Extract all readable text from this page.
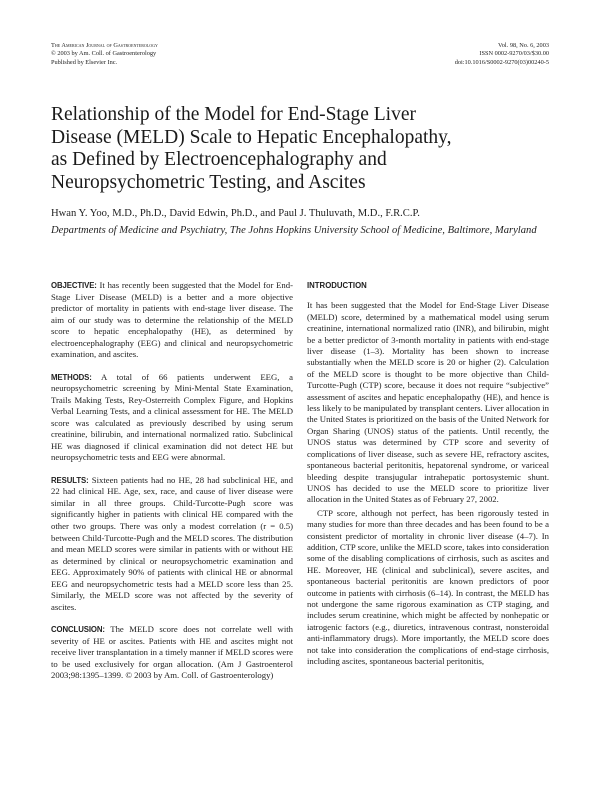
The American Journal of Gastroenterology
© 2003 by Am. Coll. of Gastroenterology
Published by Elsevier Inc.
Vol. 98, No. 6, 2003
ISSN 0002-9270/03/$30.00
doi:10.1016/S0002-9270(03)00240-5
Relationship of the Model for End-Stage Liver
Disease (MELD) Scale to Hepatic Encephalopathy,
as Defined by Electroencephalography and
Neuropsychometric Testing, and Ascites
Hwan Y. Yoo, M.D., Ph.D., David Edwin, Ph.D., and Paul J. Thuluvath, M.D., F.R.C.P.
Departments of Medicine and Psychiatry, The Johns Hopkins University School of Medicine, Baltimore, Maryland

OBJECTIVE: It has recently been suggested that the Model for End-Stage Liver Disease (MELD) is a better and a more objective predictor of mortality in patients with end-stage liver disease. The aim of our study was to determine the relationship of the MELD score to hepatic encephalopathy (HE), as determined by electroencephalography (EEG) and clinical and neuropsychometric examination, and ascites.

METHODS: A total of 66 patients underwent EEG, a neuropsychometric screening by Mini-Mental State Examination, Trails Making Tests, Rey-Osterreith Complex Figure, and Hopkins Verbal Learning Tests, and a clinical assessment for HE. The MELD score was calculated as previously described by using serum creatinine, bilirubin, and international normalized ratio. Subclinical HE was diagnosed if clinical examination did not detect HE but neuropsychometric tests and EEG were abnormal.

RESULTS: Sixteen patients had no HE, 28 had subclinical HE, and 22 had clinical HE. Age, sex, race, and cause of liver disease were similar in all three groups. Child-Turcotte-Pugh score was significantly higher in patients with clinical HE compared with the other two groups. There was only a modest correlation (r = 0.5) between Child-Turcotte-Pugh and the MELD scores. The distribution and mean MELD scores were similar in patients with or without HE as determined by clinical or neuropsychometric examination and EEG. Approximately 90% of patients with clinical HE or abnormal EEG and neuropsychometric tests had a MELD score less than 25. Similarly, the MELD score was not affected by the severity of ascites.

CONCLUSION: The MELD score does not correlate well with severity of HE or ascites. Patients with HE and ascites might not receive liver transplantation in a timely manner if MELD scores were to be used exclusively for organ allocation. (Am J Gastroenterol 2003;98:1395–1399. © 2003 by Am. Coll. of Gastroenterology)

INTRODUCTION

It has been suggested that the Model for End-Stage Liver Disease (MELD) score, determined by a mathematical model using serum creatinine, international normalized ratio (INR), and bilirubin, might be a better predictor of 3-month mortality in patients with end-stage liver disease (1–3). Mortality has been shown to increase substantially when the MELD score is 20 or higher (2). Calculation of the MELD score is thought to be more objective than Child-Turcotte-Pugh (CTP) score, because it does not require “subjective” assessment of ascites and hepatic encephalopathy (HE), and hence is less likely to be manipulated by transplant centers. Liver allocation in the United States is prioritized on the basis of the United Network for Organ Sharing (UNOS) status of the patients. Until recently, the UNOS status was determined by CTP score and severity of complications of liver disease, such as severe HE, refractory ascites, spontaneous bacterial peritonitis, hepatorenal syndrome, or variceal bleeding despite transjugular intrahepatic portosystemic shunt. UNOS has decided to use the MELD score to prioritize liver allocation in the United States as of February 27, 2002.

CTP score, although not perfect, has been rigorously tested in many studies for more than three decades and has been found to be a consistent predictor of mortality in chronic liver disease (4–7). In addition, CTP score, unlike the MELD score, takes into consideration some of the disabling complications of cirrhosis, such as ascites and HE. Moreover, HE (clinical and subclinical), severe ascites, and spontaneous bacterial peritonitis are known predictors of poor outcome in patients with cirrhosis (6–14). In contrast, the MELD has not undergone the same rigorous examination as CTP staging, and includes serum creatinine, which might be affected by nonhepatic or iatrogenic factors (e.g., diuretics, intravenous contrast, nonsteroidal anti-inflammatory drugs). More importantly, the MELD score does not take into consideration the complications of end-stage cirrhosis, including ascites, spontaneous bacterial peritonitis,
